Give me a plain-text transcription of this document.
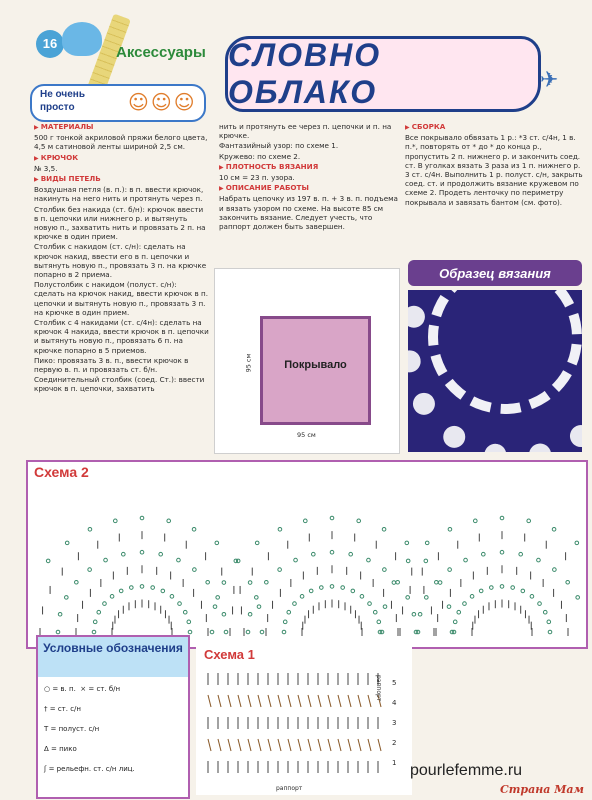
16
Аксессуары СЛОВНО ОБЛАКО	✈
Не очень просто	☺☺☺

▶ МАТЕРИАЛЫ

500 г тонкой акриловой пряжи белого цвета, 4,5 м сатиновой ленты шириной 2,5 см.

▶ КРЮЧОК

№ 3,5.

▶ ВИДЫ ПЕТЕЛЬ

Воздушная петля (в. п.): в п. ввести крючок, накинуть на него нить и протянуть через п.

Столбик без накида (ст. б/н): крючок ввести в п. цепочки или нижнего р. и вытянуть новую п., захватить нить и провязать 2 п. на крючке в один прием.

Столбик с накидом (ст. с/н): сделать на крючок накид, ввести его в п. цепочки и вытянуть новую п., провязать 3 п. на крючке попарно в 2 приема.

Полустолбик с накидом (полуст. с/н): сделать на крючок накид, ввести крючок в п. цепочки и вытянуть новую п., провязать 3 п. на крючке в один прием.

Столбик с 4 накидами (ст. с/4н): сделать на крючок 4 накида, ввести крючок в п. цепочки и вытянуть новую п., провязать 6 п. на крючке попарно в 5 приемов.

Пико: провязать 3 в. п., ввести крючок в первую в. п. и провязать ст. б/н.

Соединительный столбик (соед. Ст.): ввести крючок в п. цепочки, захватить

нить и протянуть ее через п. цепочки и п. на крючке.

Фантазийный узор: по схеме 1.

Кружево: по схеме 2.

▶ ПЛОТНОСТЬ ВЯЗАНИЯ

10 см = 23 п. узора.

▶ ОПИСАНИЕ РАБОТЫ

Набрать цепочку из 197 в. п. + 3 в. п. подъема и вязать узором по схеме. На высоте 85 см закончить вязание. Следует учесть, что раппорт должен быть завершен.

▶ СБОРКА

Все покрывало обвязать 1 р.: *3 ст. с/4н, 1 в. п.*, повторять от * до * до конца р., пропустить 2 п. нижнего р. и закончить соед. ст. В уголках вязать 3 раза из 1 п. нижнего р. 3 ст. с/4н. Выполнить 1 р. полуст. с/н, закрыть соед. ст. и продолжить вязание кружевом по схеме 2. Продеть ленточку по периметру покрывала и завязать бантом (см. фото).

Покрывало
95 см
95 см
Образец вязания
Схема 2
Условные обозначения
○ = в. п.  × = ст. б/н
† = ст. с/н
Τ = полуст. с/н
ᐃ = пико
ʃ = рельефн. ст. с/н лиц.
Схема 1
5
4
3
2
1
раппорт
раппорт
pourlefemme.ru
Страна Мам
